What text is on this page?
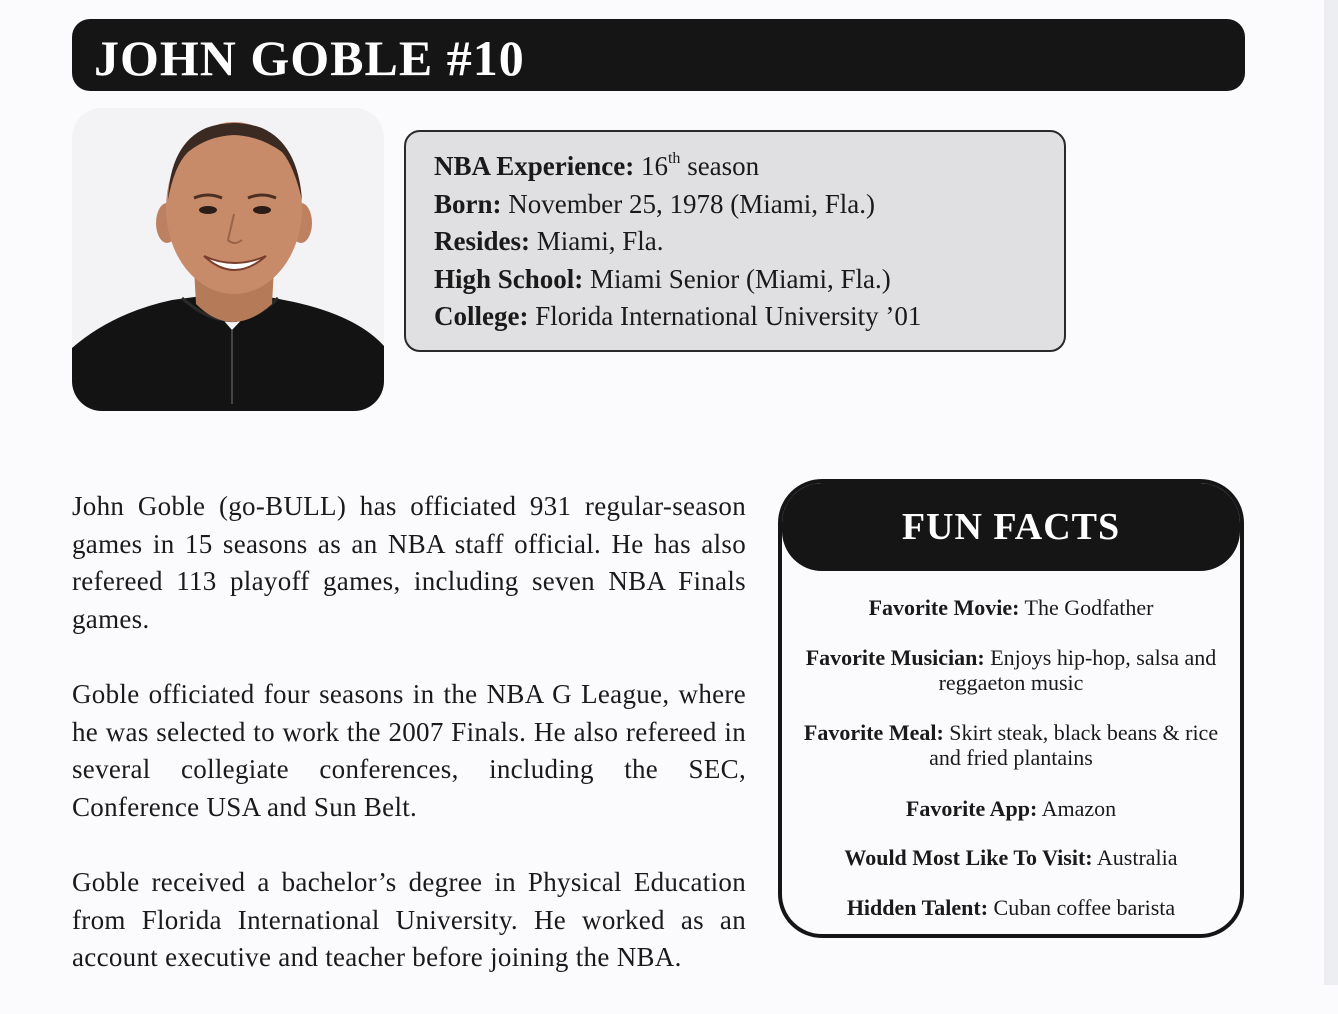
JOHN GOBLE #10
NBA Experience: 16th season
Born: November 25, 1978 (Miami, Fla.)
Resides: Miami, Fla.
High School: Miami Senior (Miami, Fla.)
College: Florida International University ’01

John Goble (go-BULL) has officiated 931 regular-season games in 15 seasons as an NBA staff official. He has also refereed 113 playoff games, including seven NBA Finals games.

Goble officiated four seasons in the NBA G League, where he was selected to work the 2007 Finals. He also refereed in several collegiate conferences, including the SEC, Conference USA and Sun Belt.

Goble received a bachelor’s degree in Physical Education from Florida International University. He worked as an account executive and teacher before joining the NBA.

FUN FACTS
Favorite Movie: The Godfather
Favorite Musician: Enjoys hip-hop, salsa and reggaeton music
Favorite Meal: Skirt steak, black beans & rice and fried plantains
Favorite App: Amazon
Would Most Like To Visit: Australia
Hidden Talent: Cuban coffee barista
